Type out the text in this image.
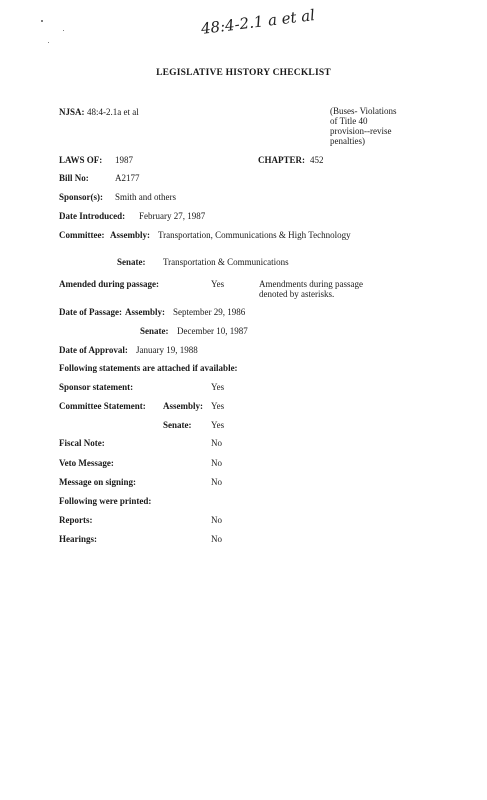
48:4-2.1 a et al
LEGISLATIVE HISTORY CHECKLIST
NJSA: 48:4-2.1a et al	(Buses- Violations
of Title 40
provision--revise
penalties)
LAWS OF: 1987	CHAPTER: 452
Bill No:	A2177
Sponsor(s): Smith and others
Date Introduced: February 27, 1987
Committee: Assembly: Transportation, Communications & High Technology
Senate: Transportation & Communications
Amended during passage:	Yes	Amendments during passage
denoted by asterisks.
Date of Passage: Assembly: September 29, 1986
Senate: December 10, 1987
Date of Approval: January 19, 1988
Following statements are attached if available:
Sponsor statement:	Yes
Committee Statement: Assembly: Yes
Senate: Yes
Fiscal Note:	No
Veto Message:	No
Message on signing:	No
Following were printed:
Reports:	No
Hearings:	No
